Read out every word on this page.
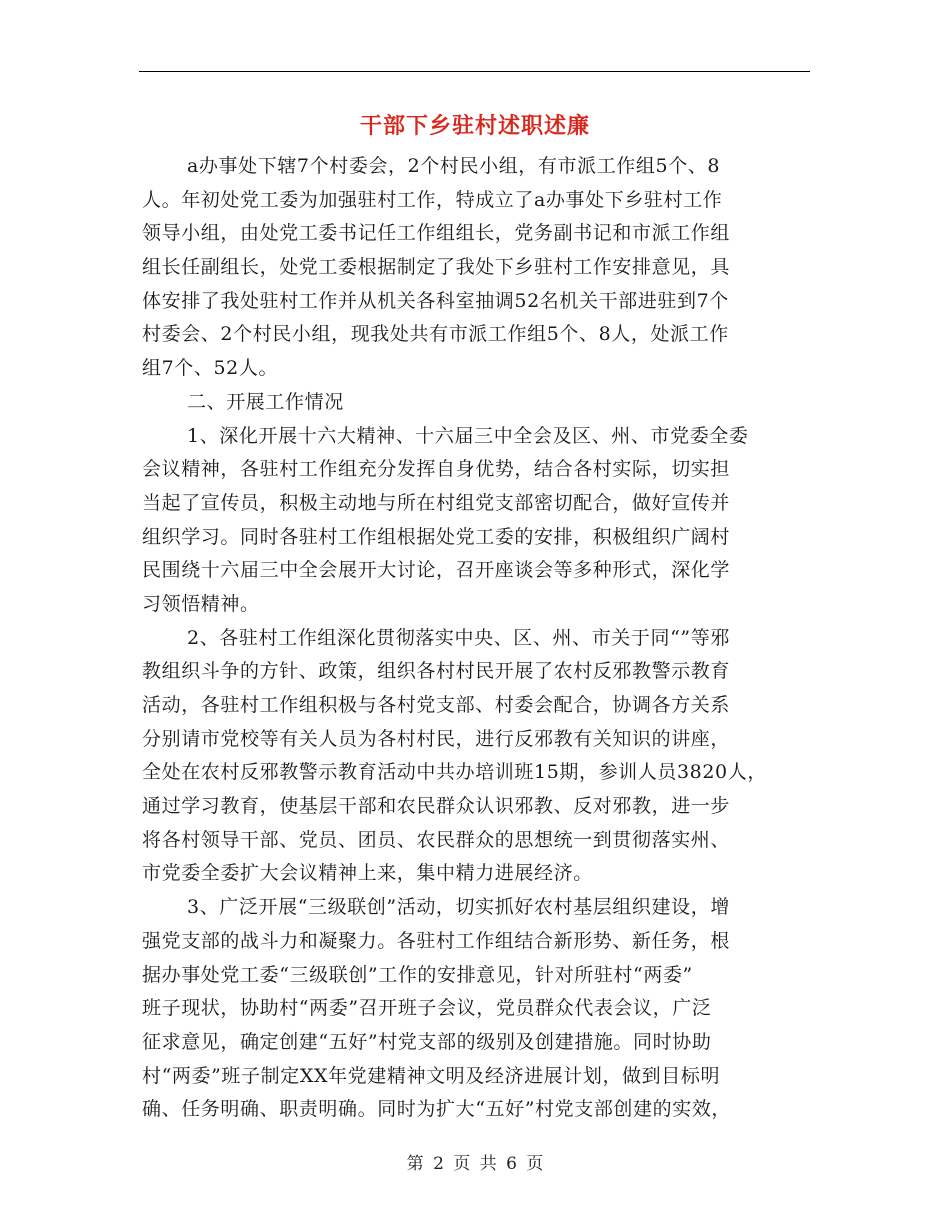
干部下乡驻村述职述廉
a办事处下辖7个村委会，2个村民小组，有市派工作组5个、8
人。年初处党工委为加强驻村工作，特成立了a办事处下乡驻村工作
领导小组，由处党工委书记任工作组组长，党务副书记和市派工作组
组长任副组长，处党工委根据制定了我处下乡驻村工作安排意见，具
体安排了我处驻村工作并从机关各科室抽调52名机关干部进驻到7个
村委会、2个村民小组，现我处共有市派工作组5个、8人，处派工作
组7个、52人。
二、开展工作情况
1、深化开展十六大精神、十六届三中全会及区、州、市党委全委
会议精神，各驻村工作组充分发挥自身优势，结合各村实际，切实担
当起了宣传员，积极主动地与所在村组党支部密切配合，做好宣传并
组织学习。同时各驻村工作组根据处党工委的安排，积极组织广阔村
民围绕十六届三中全会展开大讨论，召开座谈会等多种形式，深化学
习领悟精神。
2、各驻村工作组深化贯彻落实中央、区、州、市关于同“”等邪
教组织斗争的方针、政策，组织各村村民开展了农村反邪教警示教育
活动，各驻村工作组积极与各村党支部、村委会配合，协调各方关系
分别请市党校等有关人员为各村村民，进行反邪教有关知识的讲座，
全处在农村反邪教警示教育活动中共办培训班15期，参训人员3820人，
通过学习教育，使基层干部和农民群众认识邪教、反对邪教，进一步
将各村领导干部、党员、团员、农民群众的思想统一到贯彻落实州、
市党委全委扩大会议精神上来，集中精力进展经济。
3、广泛开展“三级联创”活动，切实抓好农村基层组织建设，增
强党支部的战斗力和凝聚力。各驻村工作组结合新形势、新任务，根
据办事处党工委“三级联创”工作的安排意见，针对所驻村“两委”
班子现状，协助村“两委”召开班子会议，党员群众代表会议，广泛
征求意见，确定创建“五好”村党支部的级别及创建措施。同时协助
村“两委”班子制定XX年党建精神文明及经济进展计划，做到目标明
确、任务明确、职责明确。同时为扩大“五好”村党支部创建的实效，
第 2 页 共 6 页
